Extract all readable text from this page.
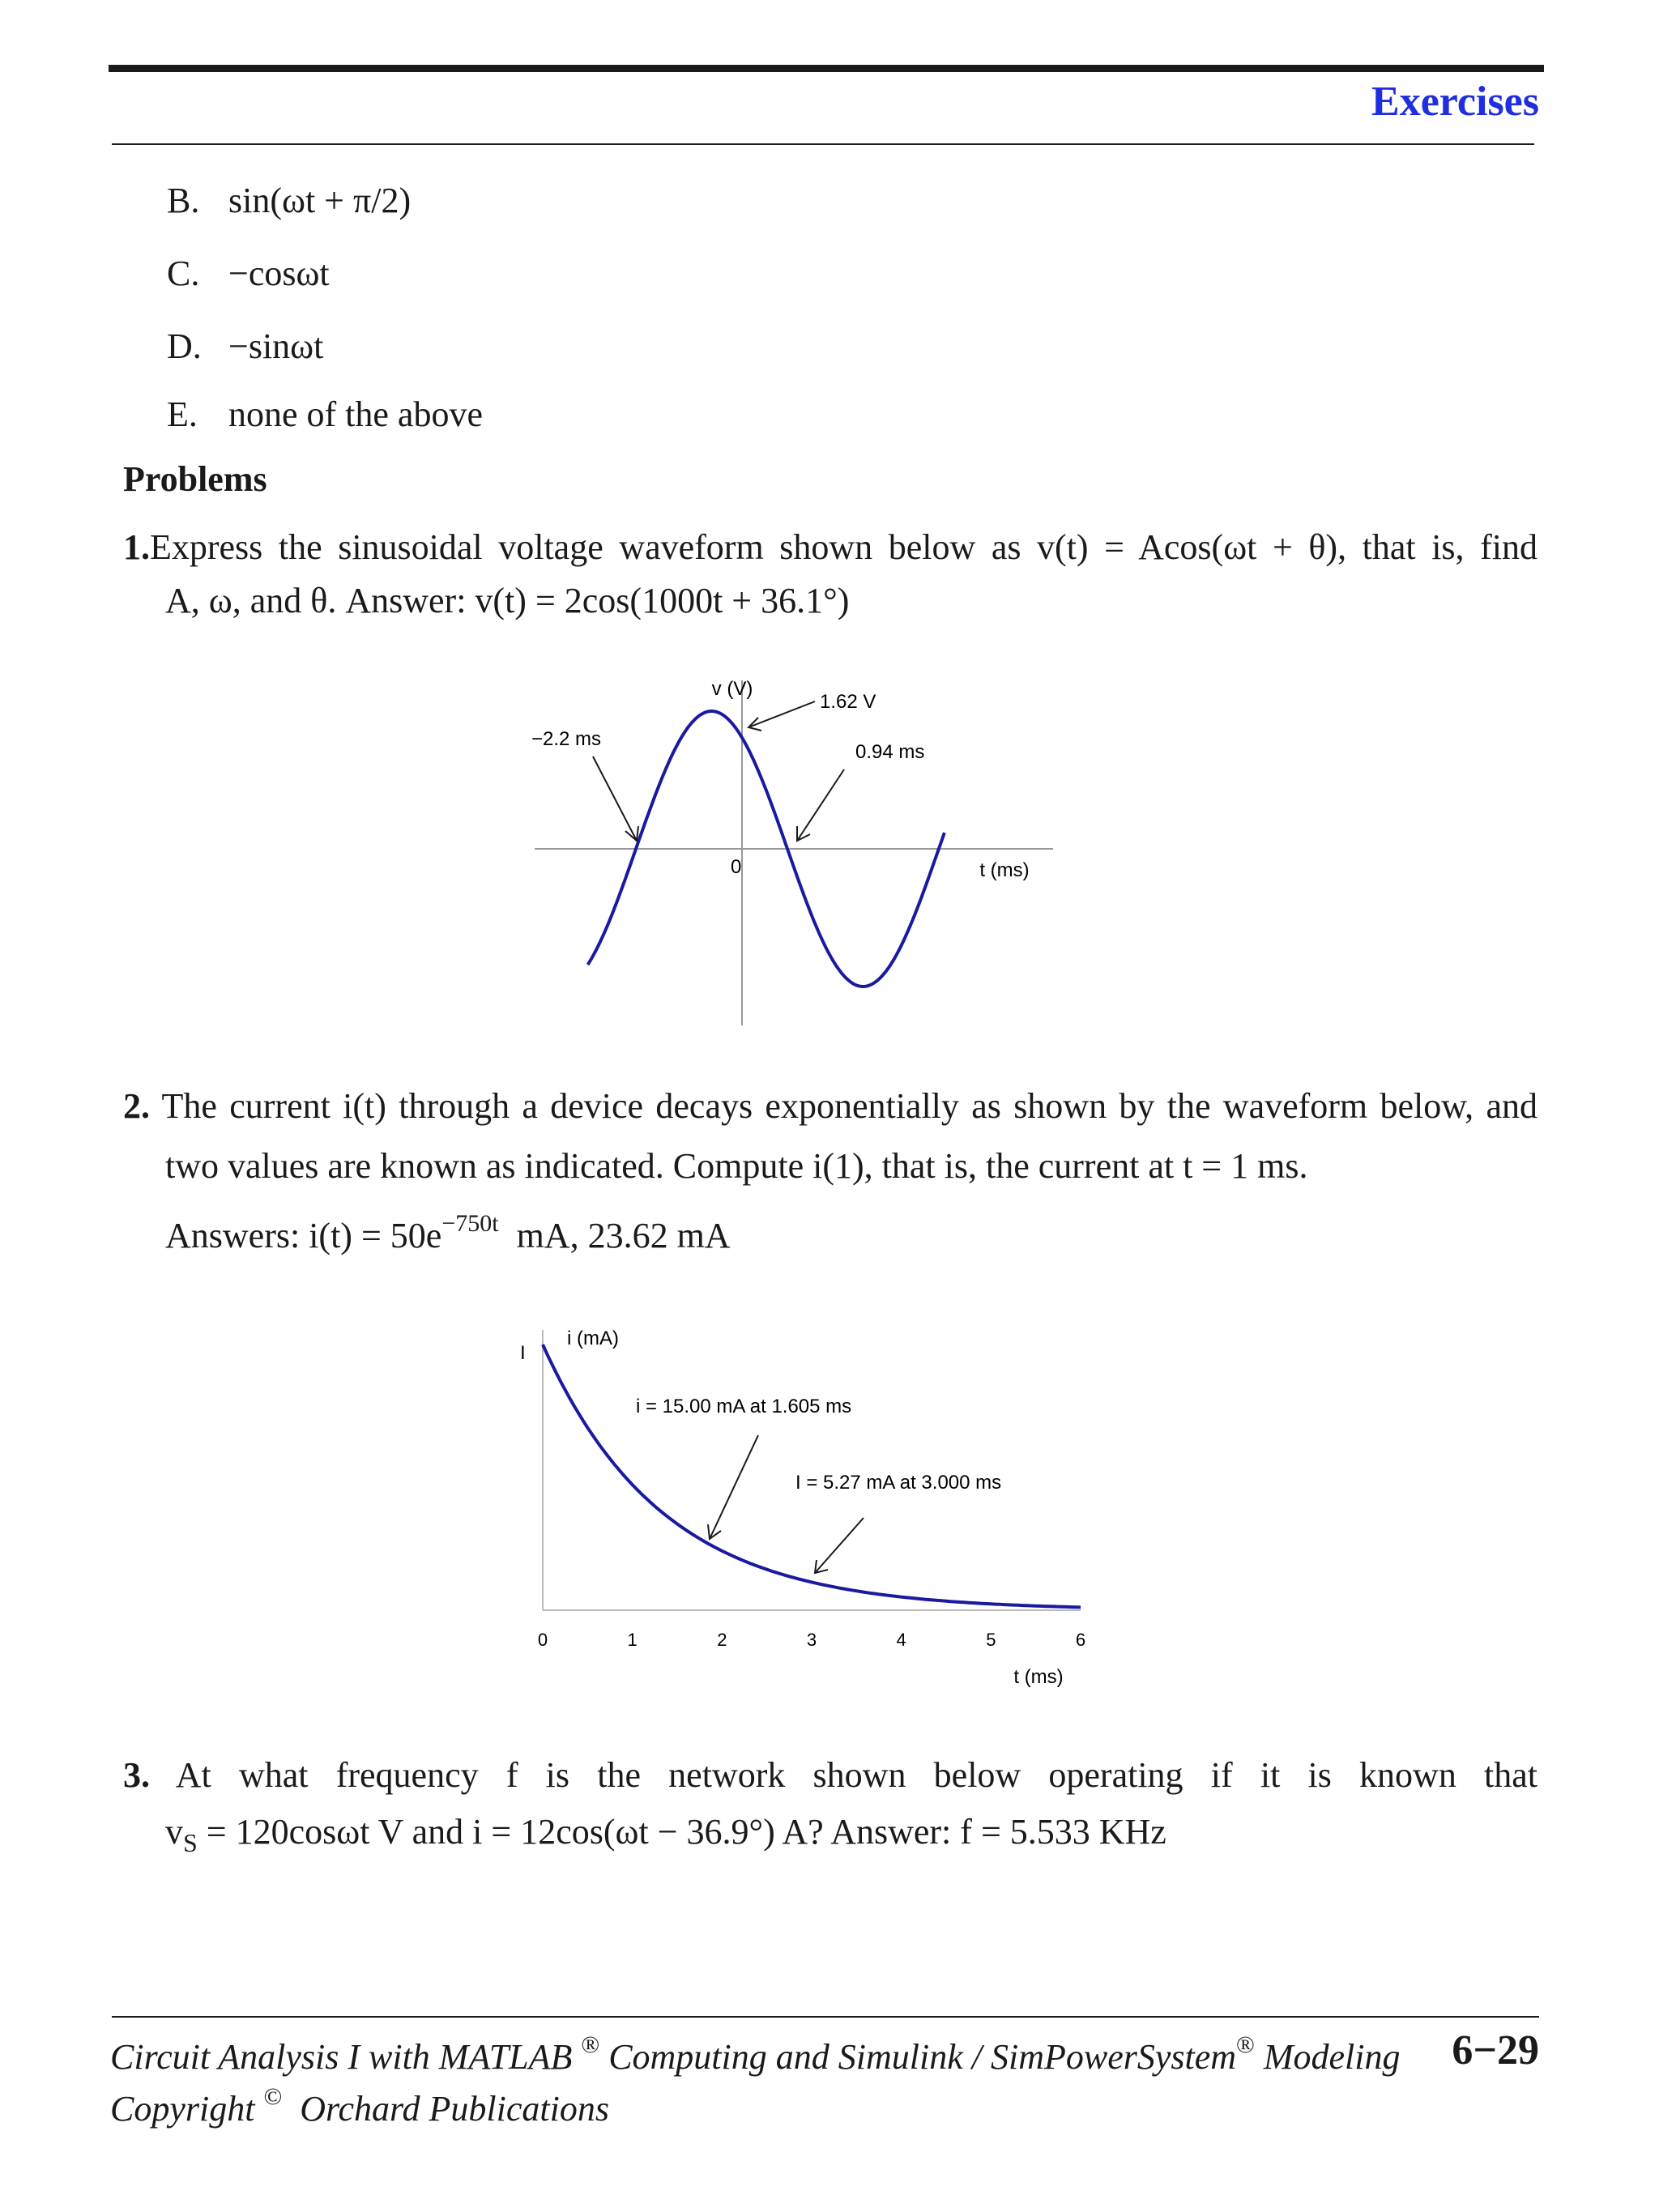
Exercises
B. sin(ωt + π/2)
C. −cosωt
D. −sinωt
E. none of the above
Problems
1.Express the sinusoidal voltage waveform shown below as v(t) = Acos(ωt + θ), that is, find
A, ω, and θ. Answer: v(t) = 2cos(1000t + 36.1°)
v (V)
0	t (ms)
1.62 V
−2.2 ms
0.94 ms
2. The current i(t) through a device decays exponentially as shown by the waveform below, and
two values are known as indicated. Compute i(1), that is, the current at t = 1 ms.
Answers: $i(t) = 50e^{-750t}$ mA, 23.62 mA
I
i (mA)
t (ms)
0	1	2	3	4	5	6
i = 15.00 mA at 1.605 ms
I = 5.27 mA at 3.000 ms
3. At what frequency f is the network shown below operating if it is known that
$v_S = 120\cos\omega t$ V and i = 12cos(ωt − 36.9°) A? Answer: f = 5.533 KHz
Circuit Analysis I with MATLAB ® Computing and Simulink / SimPowerSystem® Modeling
Copyright © Orchard Publications
6−29
